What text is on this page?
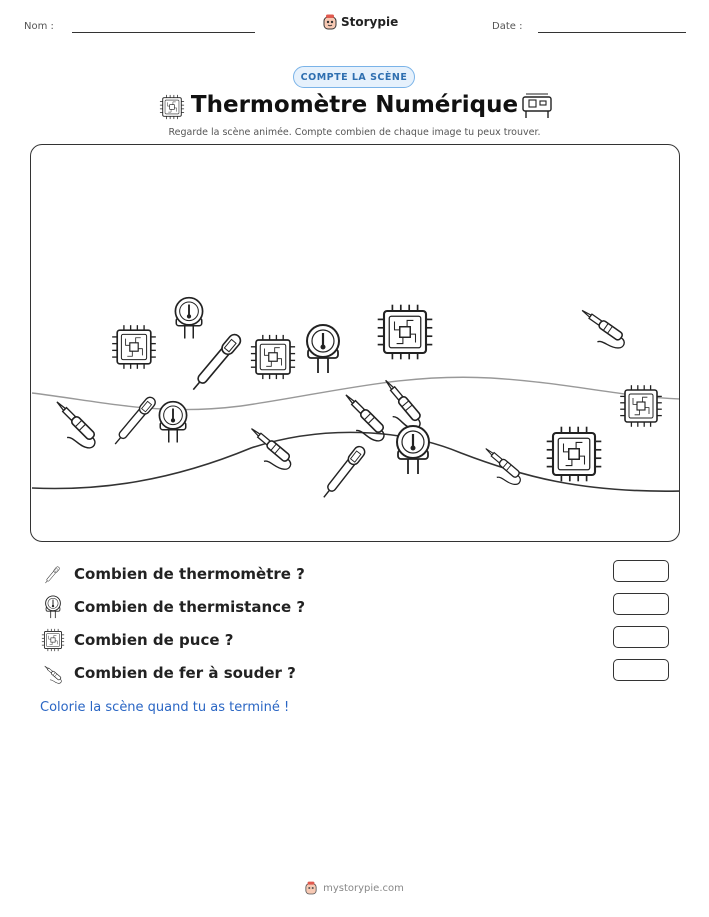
Nom :	Storypie	Date :
COMPTE LA SCÈNE
Thermomètre Numérique
Regarde la scène animée. Compte combien de chaque image tu peux trouver.
Combien de thermomètre ?
Combien de thermistance ?
Combien de puce ?
Combien de fer à souder ?
Colorie la scène quand tu as terminé !
mystorypie.com
